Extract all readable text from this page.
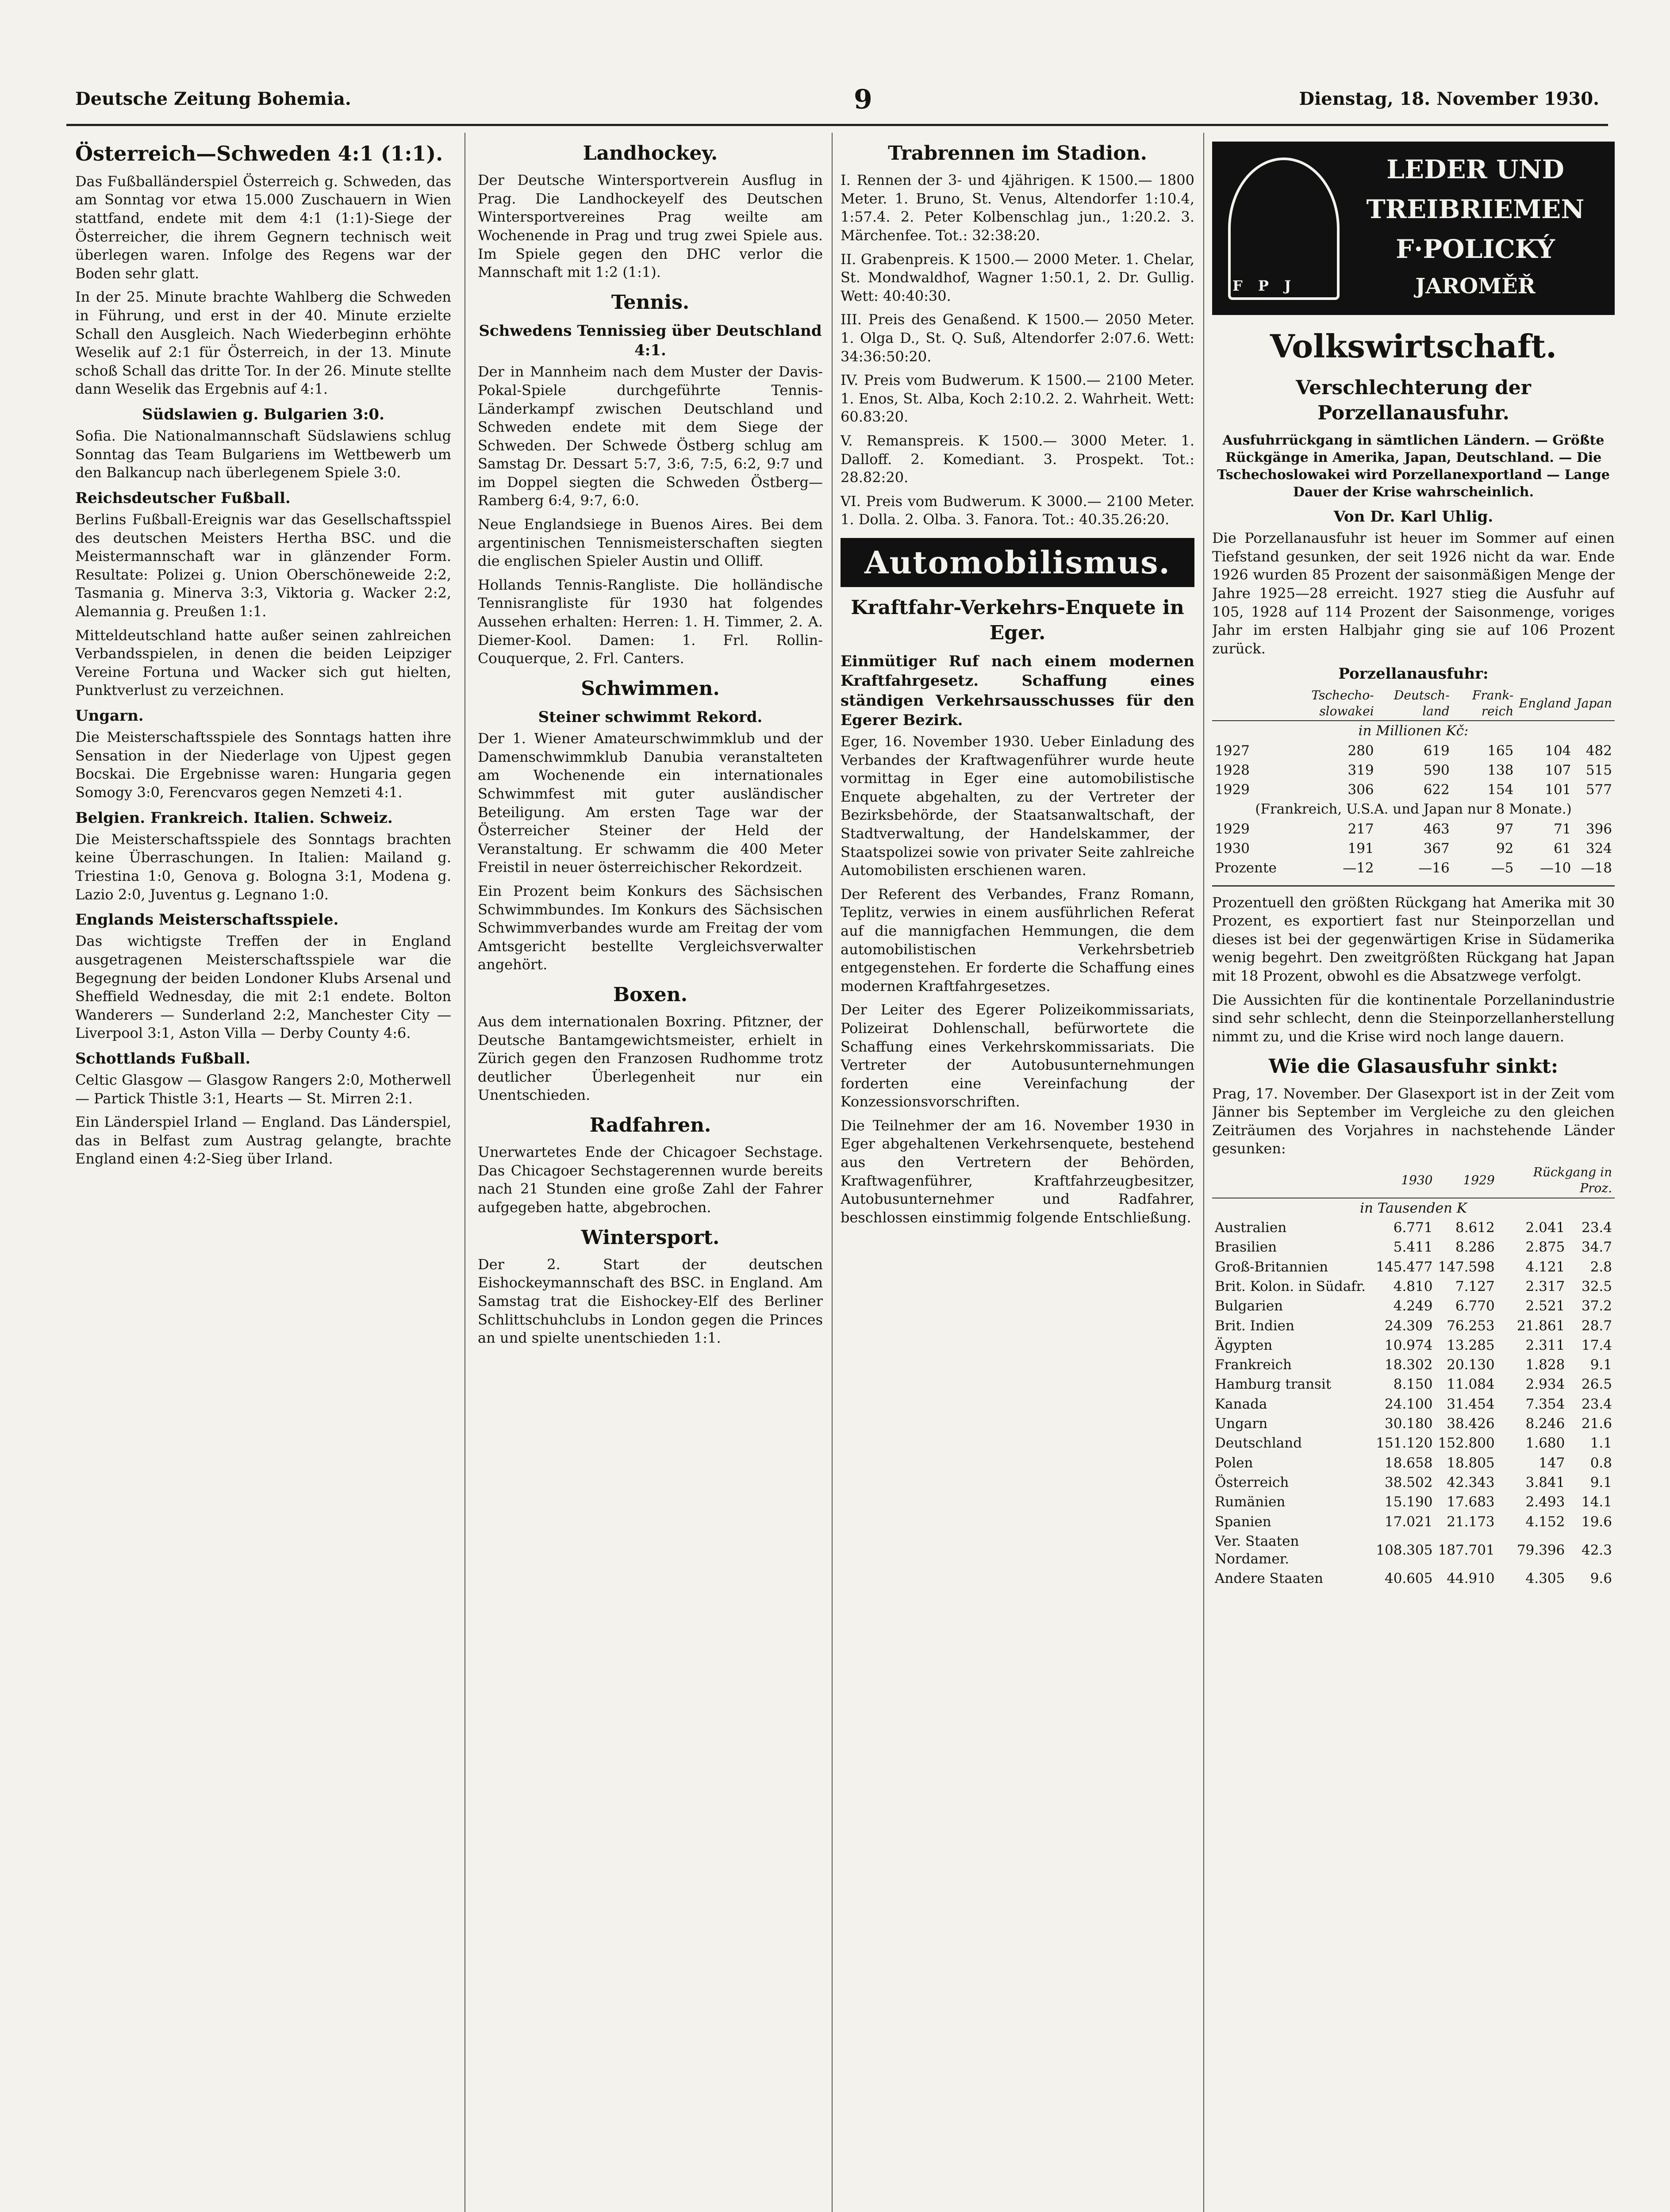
Deutsche Zeitung Bohemia.	9	Dienstag, 18. November 1930.
Österreich—Schweden 4:1 (1:1).

Das Fußballänderspiel Österreich g. Schweden, das am Sonntag vor etwa 15.000 Zuschauern in Wien stattfand, endete mit dem 4:1 (1:1)-Siege der Österreicher, die ihrem Gegnern technisch weit überlegen waren. Infolge des Regens war der Boden sehr glatt.

In der 25. Minute brachte Wahlberg die Schweden in Führung, und erst in der 40. Minute erzielte Schall den Ausgleich. Nach Wiederbeginn erhöhte Weselik auf 2:1 für Österreich, in der 13. Minute schoß Schall das dritte Tor. In der 26. Minute stellte dann Weselik das Ergebnis auf 4:1.

Südslawien g. Bulgarien 3:0.

Sofia. Die Nationalmannschaft Südslawiens schlug Sonntag das Team Bulgariens im Wettbewerb um den Balkancup nach überlegenem Spiele 3:0.

Reichsdeutscher Fußball.

Berlins Fußball-Ereignis war das Gesellschaftsspiel des deutschen Meisters Hertha BSC. und die Meistermannschaft war in glänzender Form. Resultate: Polizei g. Union Oberschöneweide 2:2, Tasmania g. Minerva 3:3, Viktoria g. Wacker 2:2, Alemannia g. Preußen 1:1.

Mitteldeutschland hatte außer seinen zahlreichen Verbandsspielen, in denen die beiden Leipziger Vereine Fortuna und Wacker sich gut hielten, Punktverlust zu verzeichnen.

Ungarn.

Die Meisterschaftsspiele des Sonntags hatten ihre Sensation in der Niederlage von Ujpest gegen Bocskai. Die Ergebnisse waren: Hungaria gegen Somogy 3:0, Ferencvaros gegen Nemzeti 4:1.

Belgien. Frankreich. Italien. Schweiz.

Die Meisterschaftsspiele des Sonntags brachten keine Überraschungen. In Italien: Mailand g. Triestina 1:0, Genova g. Bologna 3:1, Modena g. Lazio 2:0, Juventus g. Legnano 1:0.

Englands Meisterschaftsspiele.

Das wichtigste Treffen der in England ausgetragenen Meisterschaftsspiele war die Begegnung der beiden Londoner Klubs Arsenal und Sheffield Wednesday, die mit 2:1 endete. Bolton Wanderers — Sunderland 2:2, Manchester City — Liverpool 3:1, Aston Villa — Derby County 4:6.

Schottlands Fußball.

Celtic Glasgow — Glasgow Rangers 2:0, Motherwell — Partick Thistle 3:1, Hearts — St. Mirren 2:1.

Ein Länderspiel Irland — England. Das Länderspiel, das in Belfast zum Austrag gelangte, brachte England einen 4:2-Sieg über Irland.

Landhockey.

Der Deutsche Wintersportverein Ausflug in Prag. Die Landhockeyelf des Deutschen Wintersportvereines Prag weilte am Wochenende in Prag und trug zwei Spiele aus. Im Spiele gegen den DHC verlor die Mannschaft mit 1:2 (1:1).

Tennis.
Schwedens Tennissieg über Deutschland 4:1.

Der in Mannheim nach dem Muster der Davis-Pokal-Spiele durchgeführte Tennis-Länderkampf zwischen Deutschland und Schweden endete mit dem Siege der Schweden. Der Schwede Östberg schlug am Samstag Dr. Dessart 5:7, 3:6, 7:5, 6:2, 9:7 und im Doppel siegten die Schweden Östberg—Ramberg 6:4, 9:7, 6:0.

Neue Englandsiege in Buenos Aires. Bei dem argentinischen Tennismeisterschaften siegten die englischen Spieler Austin und Olliff.

Hollands Tennis-Rangliste. Die holländische Tennisrangliste für 1930 hat folgendes Aussehen erhalten: Herren: 1. H. Timmer, 2. A. Diemer-Kool. Damen: 1. Frl. Rollin-Couquerque, 2. Frl. Canters.

Schwimmen.
Steiner schwimmt Rekord.

Der 1. Wiener Amateurschwimmklub und der Damenschwimmklub Danubia veranstalteten am Wochenende ein internationales Schwimmfest mit guter ausländischer Beteiligung. Am ersten Tage war der Österreicher Steiner der Held der Veranstaltung. Er schwamm die 400 Meter Freistil in neuer österreichischer Rekordzeit.

Ein Prozent beim Konkurs des Sächsischen Schwimmbundes. Im Konkurs des Sächsischen Schwimmverbandes wurde am Freitag der vom Amtsgericht bestellte Vergleichsverwalter angehört.

Boxen.

Aus dem internationalen Boxring. Pfitzner, der Deutsche Bantamgewichtsmeister, erhielt in Zürich gegen den Franzosen Rudhomme trotz deutlicher Überlegenheit nur ein Unentschieden.

Radfahren.

Unerwartetes Ende der Chicagoer Sechstage. Das Chicagoer Sechstagerennen wurde bereits nach 21 Stunden eine große Zahl der Fahrer aufgegeben hatte, abgebrochen.

Wintersport.

Der 2. Start der deutschen Eishockeymannschaft des BSC. in England. Am Samstag trat die Eishockey-Elf des Berliner Schlittschuhclubs in London gegen die Princes an und spielte unentschieden 1:1.

Trabrennen im Stadion.

I. Rennen der 3- und 4jährigen. K 1500.— 1800 Meter. 1. Bruno, St. Venus, Altendorfer 1:10.4, 1:57.4. 2. Peter Kolbenschlag jun., 1:20.2. 3. Märchenfee. Tot.: 32:38:20.

II. Grabenpreis. K 1500.— 2000 Meter. 1. Chelar, St. Mondwaldhof, Wagner 1:50.1, 2. Dr. Gullig. Wett: 40:40:30.

III. Preis des Genaßend. K 1500.— 2050 Meter. 1. Olga D., St. Q. Suß, Altendorfer 2:07.6. Wett: 34:36:50:20.

IV. Preis vom Budwerum. K 1500.— 2100 Meter. 1. Enos, St. Alba, Koch 2:10.2. 2. Wahrheit. Wett: 60.83:20.

V. Remanspreis. K 1500.— 3000 Meter. 1. Dalloff. 2. Komediant. 3. Prospekt. Tot.: 28.82:20.

VI. Preis vom Budwerum. K 3000.— 2100 Meter. 1. Dolla. 2. Olba. 3. Fanora. Tot.: 40.35.26:20.

Automobilismus.
Kraftfahr-Verkehrs-Enquete in Eger.
Einmütiger Ruf nach einem modernen Kraftfahrgesetz. Schaffung eines ständigen Verkehrsausschusses für den Egerer Bezirk.

Eger, 16. November 1930. Ueber Einladung des Verbandes der Kraftwagenführer wurde heute vormittag in Eger eine automobilistische Enquete abgehalten, zu der Vertreter der Bezirksbehörde, der Staatsanwaltschaft, der Stadtverwaltung, der Handelskammer, der Staatspolizei sowie von privater Seite zahlreiche Automobilisten erschienen waren.

Der Referent des Verbandes, Franz Romann, Teplitz, verwies in einem ausführlichen Referat auf die mannigfachen Hemmungen, die dem automobilistischen Verkehrsbetrieb entgegenstehen. Er forderte die Schaffung eines modernen Kraftfahrgesetzes.

Der Leiter des Egerer Polizeikommissariats, Polizeirat Dohlenschall, befürwortete die Schaffung eines Verkehrskommissariats. Die Vertreter der Autobusunternehmungen forderten eine Vereinfachung der Konzessionsvorschriften.

Die Teilnehmer der am 16. November 1930 in Eger abgehaltenen Verkehrsenquete, bestehend aus den Vertretern der Behörden, Kraftwagenführer, Kraftfahrzeugbesitzer, Autobusunternehmer und Radfahrer, beschlossen einstimmig folgende Entschließung.

LEDER UND
TREIBRIEMEN
F·POLICKÝ
JAROMĚŘ
F P J
Volkswirtschaft.
Verschlechterung der Porzellanausfuhr.
Ausfuhrrückgang in sämtlichen Ländern. — Größte Rückgänge in Amerika, Japan, Deutschland. — Die Tschechoslowakei wird Porzellanexportland — Lange Dauer der Krise wahrscheinlich.
Von Dr. Karl Uhlig.

Die Porzellanausfuhr ist heuer im Sommer auf einen Tiefstand gesunken, der seit 1926 nicht da war. Ende 1926 wurden 85 Prozent der saisonmäßigen Menge der Jahre 1925—28 erreicht. 1927 stieg die Ausfuhr auf 105, 1928 auf 114 Prozent der Saisonmenge, voriges Jahr im ersten Halbjahr ging sie auf 106 Prozent zurück.

Porzellanausfuhr:
	Tschecho-slowakei	Deutsch-land	Frank-reich	England	Japan
in Millionen Kč:					
1927	280	619	165	104	482
1928	319	590	138	107	515
1929	306	622	154	101	577
(Frankreich, U.S.A. und Japan nur 8 Monate.)					
1929	217	463	97	71	396
1930	191	367	92	61	324
Prozente	—12	—16	—5	—10	—18

Prozentuell den größten Rückgang hat Amerika mit 30 Prozent, es exportiert fast nur Steinporzellan und dieses ist bei der gegenwärtigen Krise in Südamerika wenig begehrt. Den zweitgrößten Rückgang hat Japan mit 18 Prozent, obwohl es die Absatzwege verfolgt.

Die Aussichten für die kontinentale Porzellanindustrie sind sehr schlecht, denn die Steinporzellanherstellung nimmt zu, und die Krise wird noch lange dauern.

Wie die Glasausfuhr sinkt:

Prag, 17. November. Der Glasexport ist in der Zeit vom Jänner bis September im Vergleiche zu den gleichen Zeiträumen des Vorjahres in nachstehende Länder gesunken:

	1930	1929	Rückgang in Proz.	
in Tausenden K				
Australien	6.771	8.612	2.041	23.4
Brasilien	5.411	8.286	2.875	34.7
Groß-Britannien	145.477	147.598	4.121	2.8
Brit. Kolon. in Südafr.	4.810	7.127	2.317	32.5
Bulgarien	4.249	6.770	2.521	37.2
Brit. Indien	24.309	76.253	21.861	28.7
Ägypten	10.974	13.285	2.311	17.4
Frankreich	18.302	20.130	1.828	9.1
Hamburg transit	8.150	11.084	2.934	26.5
Kanada	24.100	31.454	7.354	23.4
Ungarn	30.180	38.426	8.246	21.6
Deutschland	151.120	152.800	1.680	1.1
Polen	18.658	18.805	147	0.8
Österreich	38.502	42.343	3.841	9.1
Rumänien	15.190	17.683	2.493	14.1
Spanien	17.021	21.173	4.152	19.6
Ver. Staaten Nordamer.	108.305	187.701	79.396	42.3
Andere Staaten	40.605	44.910	4.305	9.6
